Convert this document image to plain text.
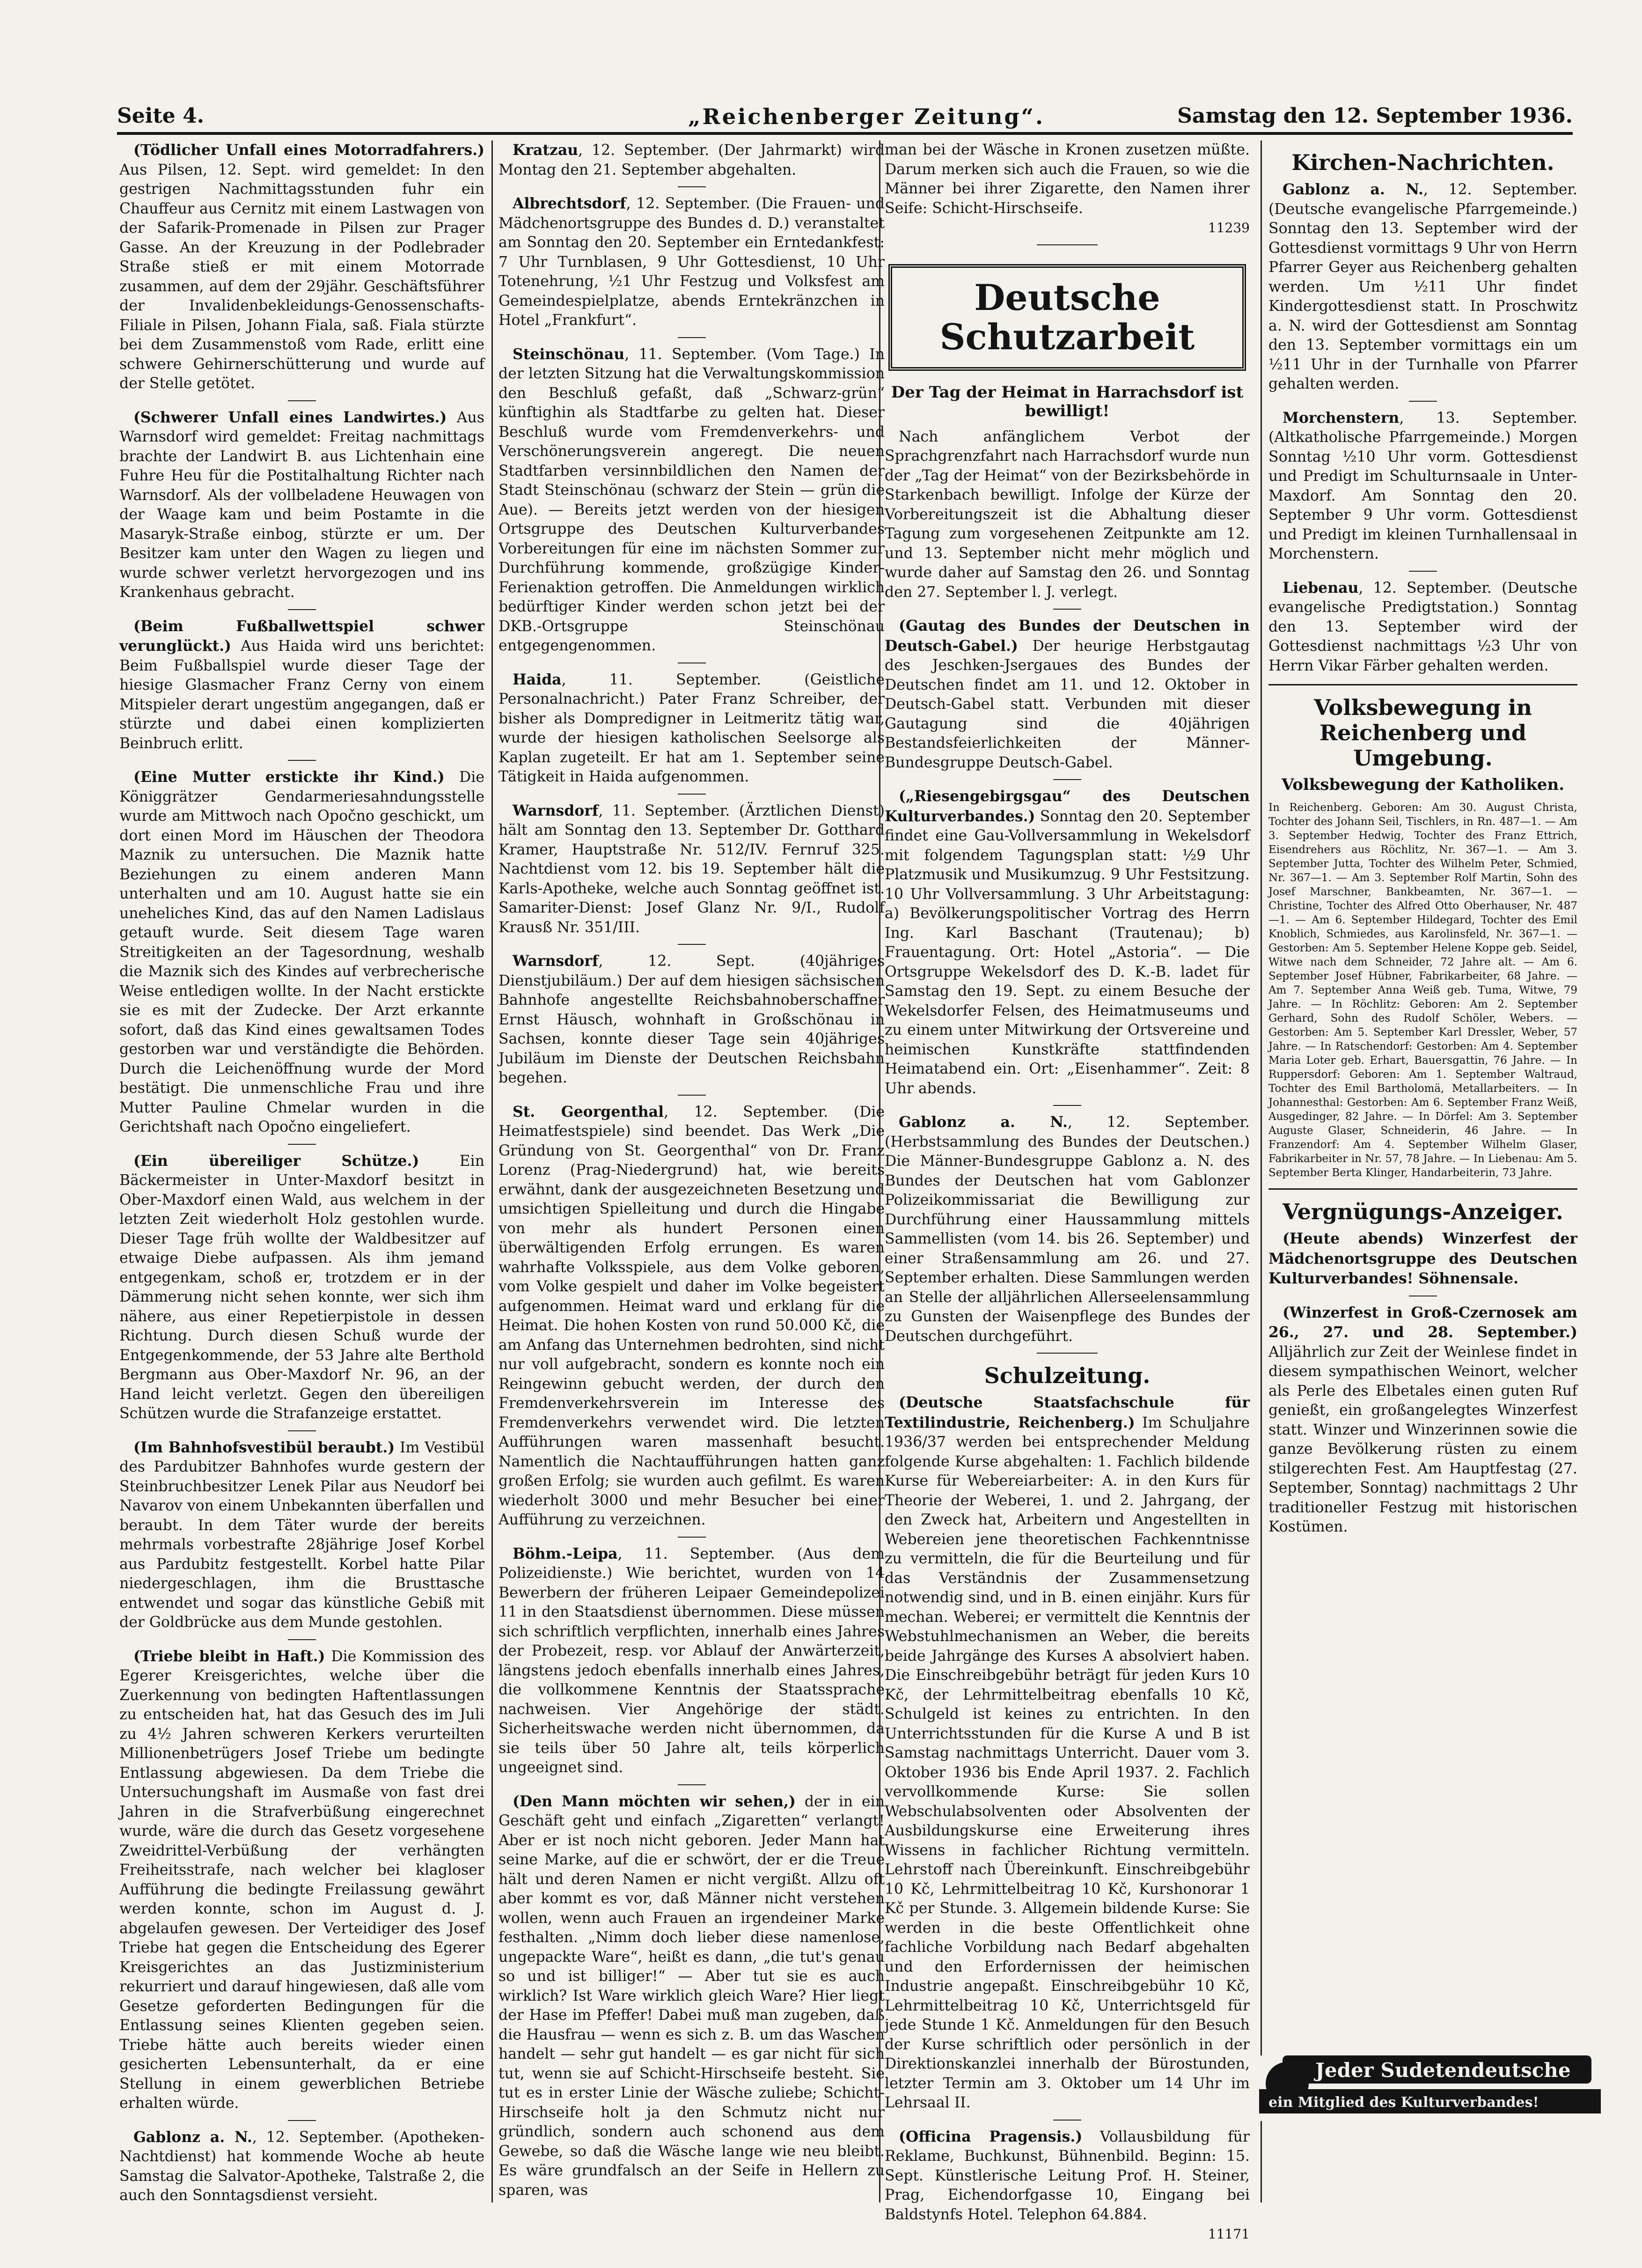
Seite 4.	„Reichenberger Zeitung“.	Samstag den 12. September 1936.

(Tödlicher Unfall eines Motorradfahrers.) Aus Pilsen, 12. Sept. wird gemeldet: In den gestrigen Nachmittagsstunden fuhr ein Chauffeur aus Cernitz mit einem Lastwagen von der Safarik-Promenade in Pilsen zur Prager Gasse. An der Kreuzung in der Podlebrader Straße stieß er mit einem Motorrade zusammen, auf dem der 29jähr. Geschäftsführer der Invalidenbekleidungs-Genossenschafts-Filiale in Pilsen, Johann Fiala, saß. Fiala stürzte bei dem Zusammenstoß vom Rade, erlitt eine schwere Gehirnerschütterung und wurde auf der Stelle getötet.

(Schwerer Unfall eines Landwirtes.) Aus Warnsdorf wird gemeldet: Freitag nachmittags brachte der Landwirt B. aus Lichtenhain eine Fuhre Heu für die Postitalhaltung Richter nach Warnsdorf. Als der vollbeladene Heuwagen von der Waage kam und beim Postamte in die Masaryk-Straße einbog, stürzte er um. Der Besitzer kam unter den Wagen zu liegen und wurde schwer verletzt hervorgezogen und ins Krankenhaus gebracht.

(Beim Fußballwettspiel schwer verunglückt.) Aus Haida wird uns berichtet: Beim Fußballspiel wurde dieser Tage der hiesige Glasmacher Franz Cerny von einem Mitspieler derart ungestüm angegangen, daß er stürzte und dabei einen komplizierten Beinbruch erlitt.

(Eine Mutter erstickte ihr Kind.) Die Königgrätzer Gendarmeriesahndungsstelle wurde am Mittwoch nach Opočno geschickt, um dort einen Mord im Häuschen der Theodora Maznik zu untersuchen. Die Maznik hatte Beziehungen zu einem anderen Mann unterhalten und am 10. August hatte sie ein uneheliches Kind, das auf den Namen Ladislaus getauft wurde. Seit diesem Tage waren Streitigkeiten an der Tagesordnung, weshalb die Maznik sich des Kindes auf verbrecherische Weise entledigen wollte. In der Nacht erstickte sie es mit der Zudecke. Der Arzt erkannte sofort, daß das Kind eines gewaltsamen Todes gestorben war und verständigte die Behörden. Durch die Leichenöffnung wurde der Mord bestätigt. Die unmenschliche Frau und ihre Mutter Pauline Chmelar wurden in die Gerichtshaft nach Opočno eingeliefert.

(Ein übereiliger Schütze.) Ein Bäckermeister in Unter-Maxdorf besitzt in Ober-Maxdorf einen Wald, aus welchem in der letzten Zeit wiederholt Holz gestohlen wurde. Dieser Tage früh wollte der Waldbesitzer auf etwaige Diebe aufpassen. Als ihm jemand entgegenkam, schoß er, trotzdem er in der Dämmerung nicht sehen konnte, wer sich ihm nähere, aus einer Repetierpistole in dessen Richtung. Durch diesen Schuß wurde der Entgegenkommende, der 53 Jahre alte Berthold Bergmann aus Ober-Maxdorf Nr. 96, an der Hand leicht verletzt. Gegen den übereiligen Schützen wurde die Strafanzeige erstattet.

(Im Bahnhofsvestibül beraubt.) Im Vestibül des Pardubitzer Bahnhofes wurde gestern der Steinbruchbesitzer Lenek Pilar aus Neudorf bei Navarov von einem Unbekannten überfallen und beraubt. In dem Täter wurde der bereits mehrmals vorbestrafte 28jährige Josef Korbel aus Pardubitz festgestellt. Korbel hatte Pilar niedergeschlagen, ihm die Brusttasche entwendet und sogar das künstliche Gebiß mit der Goldbrücke aus dem Munde gestohlen.

(Triebe bleibt in Haft.) Die Kommission des Egerer Kreisgerichtes, welche über die Zuerkennung von bedingten Haftentlassungen zu entscheiden hat, hat das Gesuch des im Juli zu 4½ Jahren schweren Kerkers verurteilten Millionenbetrügers Josef Triebe um bedingte Entlassung abgewiesen. Da dem Triebe die Untersuchungshaft im Ausmaße von fast drei Jahren in die Strafverbüßung eingerechnet wurde, wäre die durch das Gesetz vorgesehene Zweidrittel-Verbüßung der verhängten Freiheitsstrafe, nach welcher bei klagloser Aufführung die bedingte Freilassung gewährt werden konnte, schon im August d. J. abgelaufen gewesen. Der Verteidiger des Josef Triebe hat gegen die Entscheidung des Egerer Kreisgerichtes an das Justizministerium rekurriert und darauf hingewiesen, daß alle vom Gesetze geforderten Bedingungen für die Entlassung seines Klienten gegeben seien. Triebe hätte auch bereits wieder einen gesicherten Lebensunterhalt, da er eine Stellung in einem gewerblichen Betriebe erhalten würde.

Gablonz a. N., 12. September. (Apotheken-Nachtdienst) hat kommende Woche ab heute Samstag die Salvator-Apotheke, Talstraße 2, die auch den Sonntagsdienst versieht.

Kratzau, 12. September. (Der Jahrmarkt) wird Montag den 21. September abgehalten.

Albrechtsdorf, 12. September. (Die Frauen- und Mädchenortsgruppe des Bundes d. D.) veranstaltet am Sonntag den 20. September ein Erntedankfest: 7 Uhr Turnblasen, 9 Uhr Gottesdienst, 10 Uhr Totenehrung, ½1 Uhr Festzug und Volksfest am Gemeindespielplatze, abends Erntekränzchen in Hotel „Frankfurt“.

Steinschönau, 11. September. (Vom Tage.) In der letzten Sitzung hat die Verwaltungskommission den Beschluß gefaßt, daß „Schwarz-grün“ künftighin als Stadtfarbe zu gelten hat. Dieser Beschluß wurde vom Fremdenverkehrs- und Verschönerungsverein angeregt. Die neuen Stadtfarben versinnbildlichen den Namen der Stadt Steinschönau (schwarz der Stein — grün die Aue). — Bereits jetzt werden von der hiesigen Ortsgruppe des Deutschen Kulturverbandes Vorbereitungen für eine im nächsten Sommer zur Durchführung kommende, großzügige Kinder-Ferienaktion getroffen. Die Anmeldungen wirklich bedürftiger Kinder werden schon jetzt bei der DKB.-Ortsgruppe Steinschönau entgegengenommen.

Haida, 11. September. (Geistliche Personalnachricht.) Pater Franz Schreiber, der bisher als Dompredigner in Leitmeritz tätig war, wurde der hiesigen katholischen Seelsorge als Kaplan zugeteilt. Er hat am 1. September seine Tätigkeit in Haida aufgenommen.

Warnsdorf, 11. September. (Ärztlichen Dienst) hält am Sonntag den 13. September Dr. Gotthard Kramer, Hauptstraße Nr. 512/IV. Fernruf 325. Nachtdienst vom 12. bis 19. September hält die Karls-Apotheke, welche auch Sonntag geöffnet ist. Samariter-Dienst: Josef Glanz Nr. 9/I., Rudolf Krausß Nr. 351/III.

Warnsdorf, 12. Sept. (40jähriges Dienstjubiläum.) Der auf dem hiesigen sächsischen Bahnhofe angestellte Reichsbahnoberschaffner Ernst Häusch, wohnhaft in Großschönau in Sachsen, konnte dieser Tage sein 40jähriges Jubiläum im Dienste der Deutschen Reichsbahn begehen.

St. Georgenthal, 12. September. (Die Heimatfestspiele) sind beendet. Das Werk „Die Gründung von St. Georgenthal“ von Dr. Franz Lorenz (Prag-Niedergrund) hat, wie bereits erwähnt, dank der ausgezeichneten Besetzung und umsichtigen Spielleitung und durch die Hingabe von mehr als hundert Personen einen überwältigenden Erfolg errungen. Es waren wahrhafte Volksspiele, aus dem Volke geboren, vom Volke gespielt und daher im Volke begeistert aufgenommen. Heimat ward und erklang für die Heimat. Die hohen Kosten von rund 50.000 Kč, die am Anfang das Unternehmen bedrohten, sind nicht nur voll aufgebracht, sondern es konnte noch ein Reingewinn gebucht werden, der durch den Fremdenverkehrsverein im Interesse des Fremdenverkehrs verwendet wird. Die letzten Aufführungen waren massenhaft besucht. Namentlich die Nachtaufführungen hatten ganz großen Erfolg; sie wurden auch gefilmt. Es waren wiederholt 3000 und mehr Besucher bei einer Aufführung zu verzeichnen.

Böhm.-Leipa, 11. September. (Aus dem Polizeidienste.) Wie berichtet, wurden von 14 Bewerbern der früheren Leipaer Gemeindepolizei 11 in den Staatsdienst übernommen. Diese müssen sich schriftlich verpflichten, innerhalb eines Jahres der Probezeit, resp. vor Ablauf der Anwärterzeit, längstens jedoch ebenfalls innerhalb eines Jahres, die vollkommene Kenntnis der Staatssprache nachweisen. Vier Angehörige der städt. Sicherheitswache werden nicht übernommen, da sie teils über 50 Jahre alt, teils körperlich ungeeignet sind.

(Den Mann möchten wir sehen,) der in ein Geschäft geht und einfach „Zigaretten“ verlangt! Aber er ist noch nicht geboren. Jeder Mann hat seine Marke, auf die er schwört, der er die Treue hält und deren Namen er nicht vergißt. Allzu oft aber kommt es vor, daß Männer nicht verstehen wollen, wenn auch Frauen an irgendeiner Marke festhalten. „Nimm doch lieber diese namenlose, ungepackte Ware“, heißt es dann, „die tut's genau so und ist billiger!“ — Aber tut sie es auch wirklich? Ist Ware wirklich gleich Ware? Hier liegt der Hase im Pfeffer! Dabei muß man zugeben, daß die Hausfrau — wenn es sich z. B. um das Waschen handelt — sehr gut handelt — es gar nicht für sich tut, wenn sie auf Schicht-Hirschseife besteht. Sie tut es in erster Linie der Wäsche zuliebe; Schicht-Hirschseife holt ja den Schmutz nicht nur gründlich, sondern auch schonend aus dem Gewebe, so daß die Wäsche lange wie neu bleibt. Es wäre grundfalsch an der Seife in Hellern zu sparen, was

man bei der Wäsche in Kronen zusetzen müßte. Darum merken sich auch die Frauen, so wie die Männer bei ihrer Zigarette, den Namen ihrer Seife: Schicht-Hirschseife.

11239
Deutsche Schutzarbeit
Der Tag der Heimat in Harrachsdorf ist bewilligt!

Nach anfänglichem Verbot der Sprachgrenzfahrt nach Harrachsdorf wurde nun der „Tag der Heimat“ von der Bezirksbehörde in Starkenbach bewilligt. Infolge der Kürze der Vorbereitungszeit ist die Abhaltung dieser Tagung zum vorgesehenen Zeitpunkte am 12. und 13. September nicht mehr möglich und wurde daher auf Samstag den 26. und Sonntag den 27. September l. J. verlegt.

(Gautag des Bundes der Deutschen in Deutsch-Gabel.) Der heurige Herbstgautag des Jeschken-Jsergaues des Bundes der Deutschen findet am 11. und 12. Oktober in Deutsch-Gabel statt. Verbunden mit dieser Gautagung sind die 40jährigen Bestandsfeierlichkeiten der Männer-Bundesgruppe Deutsch-Gabel.

(„Riesengebirgsgau“ des Deutschen Kulturverbandes.) Sonntag den 20. September findet eine Gau-Vollversammlung in Wekelsdorf mit folgendem Tagungsplan statt: ½9 Uhr Platzmusik und Musikumzug. 9 Uhr Festsitzung. 10 Uhr Vollversammlung. 3 Uhr Arbeitstagung: a) Bevölkerungspolitischer Vortrag des Herrn Ing. Karl Baschant (Trautenau); b) Frauentagung. Ort: Hotel „Astoria“. — Die Ortsgruppe Wekelsdorf des D. K.-B. ladet für Samstag den 19. Sept. zu einem Besuche der Wekelsdorfer Felsen, des Heimatmuseums und zu einem unter Mitwirkung der Ortsvereine und heimischen Kunstkräfte stattfindenden Heimatabend ein. Ort: „Eisenhammer“. Zeit: 8 Uhr abends.

Gablonz a. N., 12. September. (Herbstsammlung des Bundes der Deutschen.) Die Männer-Bundesgruppe Gablonz a. N. des Bundes der Deutschen hat vom Gablonzer Polizeikommissariat die Bewilligung zur Durchführung einer Haussammlung mittels Sammellisten (vom 14. bis 26. September) und einer Straßensammlung am 26. und 27. September erhalten. Diese Sammlungen werden an Stelle der alljährlichen Allerseelensammlung zu Gunsten der Waisenpflege des Bundes der Deutschen durchgeführt.

Schulzeitung.

(Deutsche Staatsfachschule für Textilindustrie, Reichenberg.) Im Schuljahre 1936/37 werden bei entsprechender Meldung folgende Kurse abgehalten: 1. Fachlich bildende Kurse für Webereiarbeiter: A. in den Kurs für Theorie der Weberei, 1. und 2. Jahrgang, der den Zweck hat, Arbeitern und Angestellten in Webereien jene theoretischen Fachkenntnisse zu vermitteln, die für die Beurteilung und für das Verständnis der Zusammensetzung notwendig sind, und in B. einen einjähr. Kurs für mechan. Weberei; er vermittelt die Kenntnis der Webstuhlmechanismen an Weber, die bereits beide Jahrgänge des Kurses A absolviert haben. Die Einschreibgebühr beträgt für jeden Kurs 10 Kč, der Lehrmittelbeitrag ebenfalls 10 Kč, Schulgeld ist keines zu entrichten. In den Unterrichtsstunden für die Kurse A und B ist Samstag nachmittags Unterricht. Dauer vom 3. Oktober 1936 bis Ende April 1937. 2. Fachlich vervollkommende Kurse: Sie sollen Webschulabsolventen oder Absolventen der Ausbildungskurse eine Erweiterung ihres Wissens in fachlicher Richtung vermitteln. Lehrstoff nach Übereinkunft. Einschreibgebühr 10 Kč, Lehrmittelbeitrag 10 Kč, Kurshonorar 1 Kč per Stunde. 3. Allgemein bildende Kurse: Sie werden in die beste Offentlichkeit ohne fachliche Vorbildung nach Bedarf abgehalten und den Erfordernissen der heimischen Industrie angepaßt. Einschreibgebühr 10 Kč, Lehrmittelbeitrag 10 Kč, Unterrichtsgeld für jede Stunde 1 Kč. Anmeldungen für den Besuch der Kurse schriftlich oder persönlich in der Direktionskanzlei innerhalb der Bürostunden, letzter Termin am 3. Oktober um 14 Uhr im Lehrsaal II.

(Officina Pragensis.) Vollausbildung für Reklame, Buchkunst, Bühnenbild. Beginn: 15. Sept. Künstlerische Leitung Prof. H. Steiner, Prag, Eichendorfgasse 10, Eingang bei Baldstynfs Hotel. Telephon 64.884.

11171
Kirchen-Nachrichten.

Gablonz a. N., 12. September. (Deutsche evangelische Pfarrgemeinde.) Sonntag den 13. September wird der Gottesdienst vormittags 9 Uhr von Herrn Pfarrer Geyer aus Reichenberg gehalten werden. Um ½11 Uhr findet Kindergottesdienst statt. In Proschwitz a. N. wird der Gottesdienst am Sonntag den 13. September vormittags ein um ½11 Uhr in der Turnhalle von Pfarrer gehalten werden.

Morchenstern, 13. September. (Altkatholische Pfarrgemeinde.) Morgen Sonntag ½10 Uhr vorm. Gottesdienst und Predigt im Schulturnsaale in Unter-Maxdorf. Am Sonntag den 20. September 9 Uhr vorm. Gottesdienst und Predigt im kleinen Turnhallensaal in Morchenstern.

Liebenau, 12. September. (Deutsche evangelische Predigtstation.) Sonntag den 13. September wird der Gottesdienst nachmittags ½3 Uhr von Herrn Vikar Färber gehalten werden.

Volksbewegung in Reichenberg und Umgebung.
Volksbewegung der Katholiken.

In Reichenberg. Geboren: Am 30. August Christa, Tochter des Johann Seil, Tischlers, in Rn. 487—1. — Am 3. September Hedwig, Tochter des Franz Ettrich, Eisendrehers aus Röchlitz, Nr. 367—1. — Am 3. September Jutta, Tochter des Wilhelm Peter, Schmied, Nr. 367—1. — Am 3. September Rolf Martin, Sohn des Josef Marschner, Bankbeamten, Nr. 367—1. — Christine, Tochter des Alfred Otto Oberhauser, Nr. 487—1. — Am 6. September Hildegard, Tochter des Emil Knoblich, Schmiedes, aus Karolinsfeld, Nr. 367—1. — Gestorben: Am 5. September Helene Koppe geb. Seidel, Witwe nach dem Schneider, 72 Jahre alt. — Am 6. September Josef Hübner, Fabrikarbeiter, 68 Jahre. — Am 7. September Anna Weiß geb. Tuma, Witwe, 79 Jahre. — In Röchlitz: Geboren: Am 2. September Gerhard, Sohn des Rudolf Schöler, Webers. — Gestorben: Am 5. September Karl Dressler, Weber, 57 Jahre. — In Ratschendorf: Gestorben: Am 4. September Maria Loter geb. Erhart, Bauersgattin, 76 Jahre. — In Ruppersdorf: Geboren: Am 1. September Waltraud, Tochter des Emil Bartholomä, Metallarbeiters. — In Johannesthal: Gestorben: Am 6. September Franz Weiß, Ausgedinger, 82 Jahre. — In Dörfel: Am 3. September Auguste Glaser, Schneiderin, 46 Jahre. — In Franzendorf: Am 4. September Wilhelm Glaser, Fabrikarbeiter in Nr. 57, 78 Jahre. — In Liebenau: Am 5. September Berta Klinger, Handarbeiterin, 73 Jahre.

Vergnügungs-Anzeiger.

(Heute abends) Winzerfest der Mädchenortsgruppe des Deutschen Kulturverbandes! Söhnensale.

(Winzerfest in Groß-Czernosek am 26., 27. und 28. September.) Alljährlich zur Zeit der Weinlese findet in diesem sympathischen Weinort, welcher als Perle des Elbetales einen guten Ruf genießt, ein großangelegtes Winzerfest statt. Winzer und Winzerinnen sowie die ganze Bevölkerung rüsten zu einem stilgerechten Fest. Am Hauptfestag (27. September, Sonntag) nachmittags 2 Uhr traditioneller Festzug mit historischen Kostümen.

Jeder Sudetendeutsche
ein Mitglied des Kulturverbandes!
